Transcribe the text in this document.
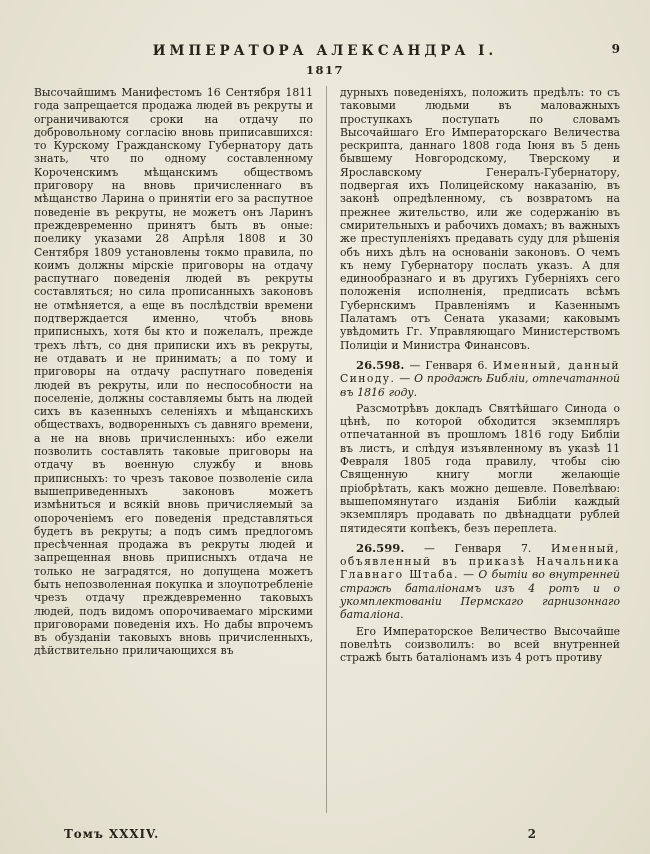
ИМПЕРАТОРА АЛЕКСАНДРА I.	9
1817

Высочайшимъ Манифестомъ 16 Сентября 1811 года запрещается продажа людей въ рекруты и ограничиваются сроки на отдачу по добровольному согласію вновь приписавшихся: то Курскому Гражданскому Губернатору дать знать, что по одному составленному Короченскимъ мѣщанскимъ обществомъ приговору на вновь причисленнаго въ мѣщанство Ларина о принятіи его за распутное поведеніе въ рекруты, не можетъ онъ Ларинъ преждевременно принятъ быть въ оные: поелику указами 28 Апрѣля 1808 и 30 Сентября 1809 установлены токмо правила, по коимъ должны мірскіе приговоры на отдачу распутнаго поведенія людей въ рекруты составляться; но сила прописанныхъ законовъ не отмѣняется, а еще въ послѣдствіи времени подтверждается именно, чтобъ вновь приписныхъ, хотя бы кто и пожелалъ, прежде трехъ лѣтъ, со дня приписки ихъ въ рекруты, не отдавать и не принимать; а по тому и приговоры на отдачу распутнаго поведенія людей въ рекруты, или по неспособности на поселеніе, должны составляемы быть на людей сихъ въ казенныхъ селеніяхъ и мѣщанскихъ обществахъ, водворенныхъ съ давняго времени, а не на вновь причисленныхъ: ибо ежели позволить составлять таковые приговоры на отдачу въ военную службу и вновь приписныхъ: то чрезъ таковое позволеніе сила вышеприведенныхъ законовъ можетъ измѣниться и всякій вновь причисляемый за опороченіемъ его поведенія представляться будетъ въ рекруты; а подъ симъ предлогомъ пресѣченная продажа въ рекруты людей и запрещенная вновь приписныхъ отдача не только не заградятся, но допущена можетъ быть непозволенная покупка и злоупотребленіе чрезъ отдачу преждевременно таковыхъ людей, подъ видомъ опорочиваемаго мірскими приговорами поведенія ихъ. Но дабы впрочемъ въ обузданіи таковыхъ вновь причисленныхъ, дѣйствительно приличающихся въ

дурныхъ поведеніяхъ, положить предѣлъ: то съ таковыми людьми въ маловажныхъ проступкахъ поступать по словамъ Высочайшаго Его Императорскаго Величества рескрипта, даннаго 1808 года Іюня въ 5 день бывшему Новгородскому, Тверскому и Ярославскому Генералъ-Губернатору, подвергая ихъ Полицейскому наказанію, въ законѣ опредѣленному, съ возвратомъ на прежнее жительство, или же содержанію въ смирительныхъ и рабочихъ домахъ; въ важныхъ же преступленіяхъ предавать суду для рѣшенія объ нихъ дѣлъ на основаніи законовъ. О чемъ къ нему Губернатору послать указъ. А для единообразнаго и въ другихъ Губерніяхъ сего положенія исполненія, предписать всѣмъ Губернскимъ Правленіямъ и Казеннымъ Палатамъ отъ Сената указами; каковымъ увѣдомить Гг. Управляющаго Министерствомъ Полиціи и Министра Финансовъ.

26.598. — Генваря 6. Именный, данный Синоду. — О продажѣ Библіи, отпечатанной въ 1816 году.

Разсмотрѣвъ докладъ Святѣйшаго Синода о цѣнѣ, по которой обходится экземпляръ отпечатанной въ прошломъ 1816 году Библіи въ листъ, и слѣдуя изъявленному въ указѣ 11 Февраля 1805 года правилу, чтобы сію Священную книгу могли желающіе пріобрѣтать, какъ можно дешевле. Повелѣваю: вышепомянутаго изданія Библіи каждый экземпляръ продавать по двѣнадцати рублей пятидесяти копѣекъ, безъ переплета.

26.599. — Генваря 7. Именный, объявленный въ приказѣ Начальника Главнаго Штаба. — О бытіи во внутренней стражѣ баталіонамъ изъ 4 ротъ и о укомплектованіи Пермскаго гарнизоннаго баталіона.

Его Императорское Величество Высочайше повелѣть соизволилъ: во всей внутренней стражѣ быть баталіонамъ изъ 4 ротъ противу

Томъ XXXIV.	2
